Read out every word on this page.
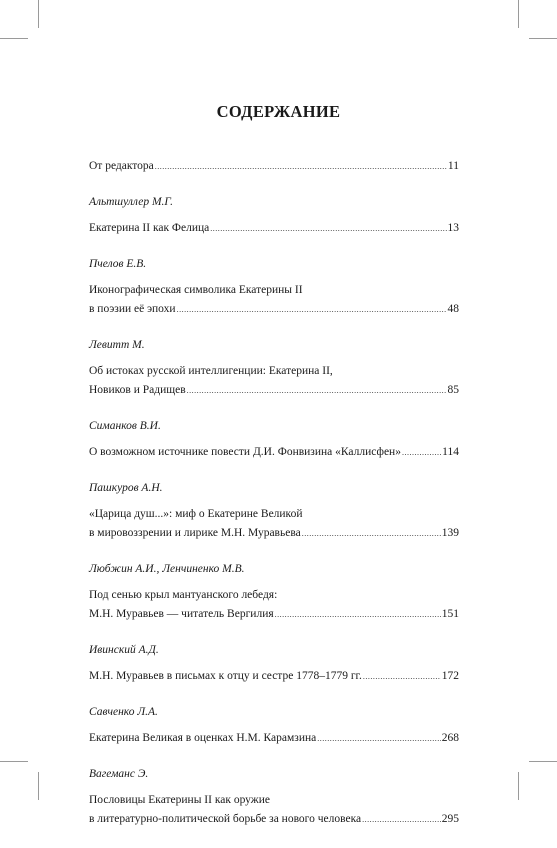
СОДЕРЖАНИЕ
От редактора .....	11
Альтшуллер М.Г.
Екатерина II как Фелица .....	13
Пчелов Е.В.
Иконографическая символика Екатерины II
в поэзии её эпохи .....	48
Левитт М.
Об истоках русской интеллигенции: Екатерина II,
Новиков и Радищев .....	85
Симанков В.И.
О возможном источнике повести Д.И. Фонвизина «Каллисфен» .....	114
Пашкуров А.Н.
«Царица душ...»: миф о Екатерине Великой
в мировоззрении и лирике М.Н. Муравьева .....	139
Любжин А.И., Ленчиненко М.В.
Под сенью крыл мантуанского лебедя:
М.Н. Муравьев — читатель Вергилия .....	151
Ивинский А.Д.
М.Н. Муравьев в письмах к отцу и сестре 1778–1779 гг. .....	172
Савченко Л.А.
Екатерина Великая в оценках Н.М. Карамзина .....	268
Вагеманс Э.
Пословицы Екатерины II как оружие
в литературно-политической борьбе за нового человека .....	295
